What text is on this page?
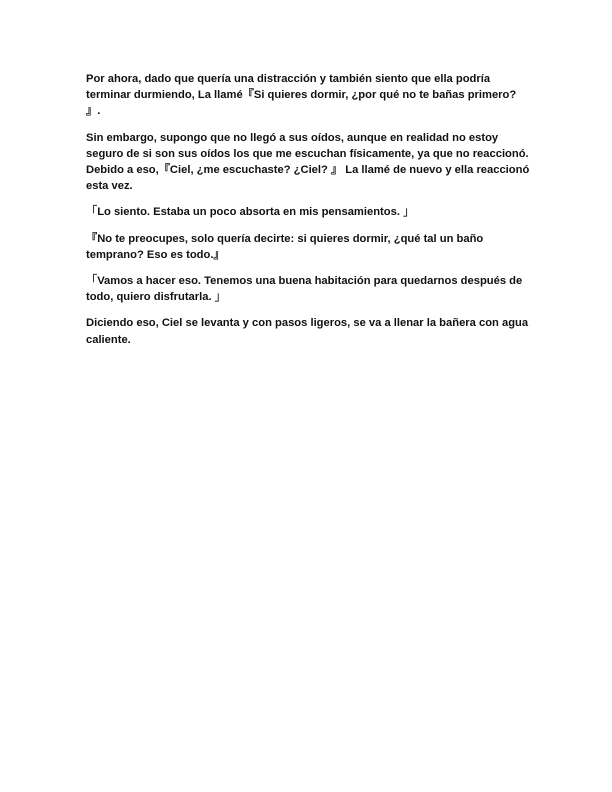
Por ahora, dado que quería una distracción y también siento que ella podría terminar durmiendo, La llamé『Si quieres dormir, ¿por qué no te bañas primero? 』.

Sin embargo, supongo que no llegó a sus oídos, aunque en realidad no estoy seguro de si son sus oídos los que me escuchan físicamente, ya que no reaccionó. Debido a eso,『Ciel, ¿me escuchaste? ¿Ciel? 』 La llamé de nuevo y ella reaccionó esta vez.

「Lo siento. Estaba un poco absorta en mis pensamientos. 」

『No te preocupes, solo quería decirte: si quieres dormir, ¿qué tal un baño temprano? Eso es todo.』

「Vamos a hacer eso. Tenemos una buena habitación para quedarnos después de todo, quiero disfrutarla. 」

Diciendo eso, Ciel se levanta y con pasos ligeros, se va a llenar la bañera con agua caliente.
